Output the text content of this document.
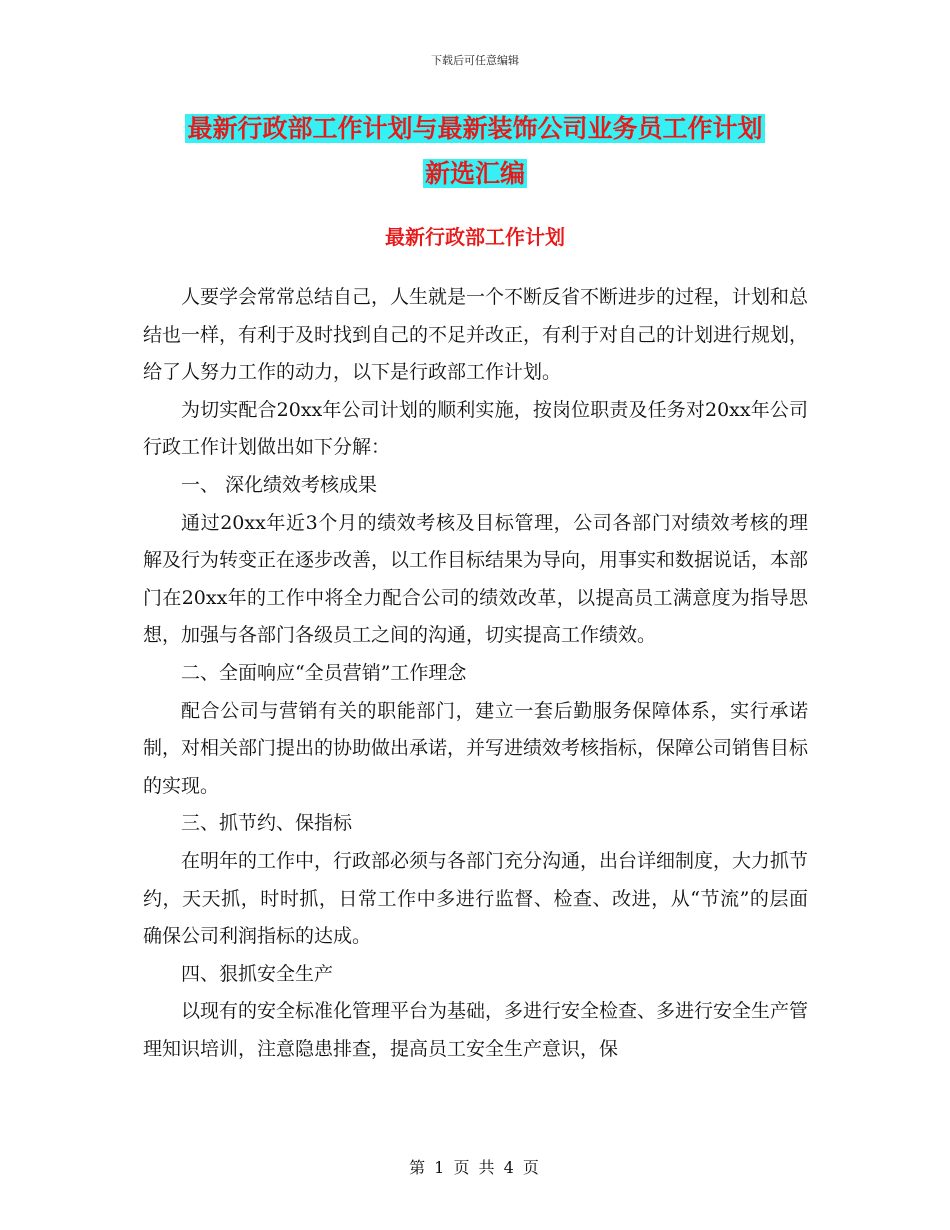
下载后可任意编辑
最新行政部工作计划与最新装饰公司业务员工作计划
新选汇编
最新行政部工作计划

人要学会常常总结自己，人生就是一个不断反省不断进步的过程，计划和总结也一样，有利于及时找到自己的不足并改正，有利于对自己的计划进行规划，给了人努力工作的动力，以下是行政部工作计划。

为切实配合20xx年公司计划的顺利实施，按岗位职责及任务对20xx年公司行政工作计划做出如下分解：

一、 深化绩效考核成果

通过20xx年近3个月的绩效考核及目标管理，公司各部门对绩效考核的理解及行为转变正在逐步改善，以工作目标结果为导向，用事实和数据说话，本部门在20xx年的工作中将全力配合公司的绩效改革，以提高员工满意度为指导思想，加强与各部门各级员工之间的沟通，切实提高工作绩效。

二、全面响应“全员营销”工作理念

配合公司与营销有关的职能部门，建立一套后勤服务保障体系，实行承诺制，对相关部门提出的协助做出承诺，并写进绩效考核指标，保障公司销售目标的实现。

三、抓节约、保指标

在明年的工作中，行政部必须与各部门充分沟通，出台详细制度，大力抓节约，天天抓，时时抓，日常工作中多进行监督、检查、改进，从“节流”的层面确保公司利润指标的达成。

四、狠抓安全生产

以现有的安全标准化管理平台为基础，多进行安全检查、多进行安全生产管理知识培训，注意隐患排查，提高员工安全生产意识，保

第 1 页 共 4 页
